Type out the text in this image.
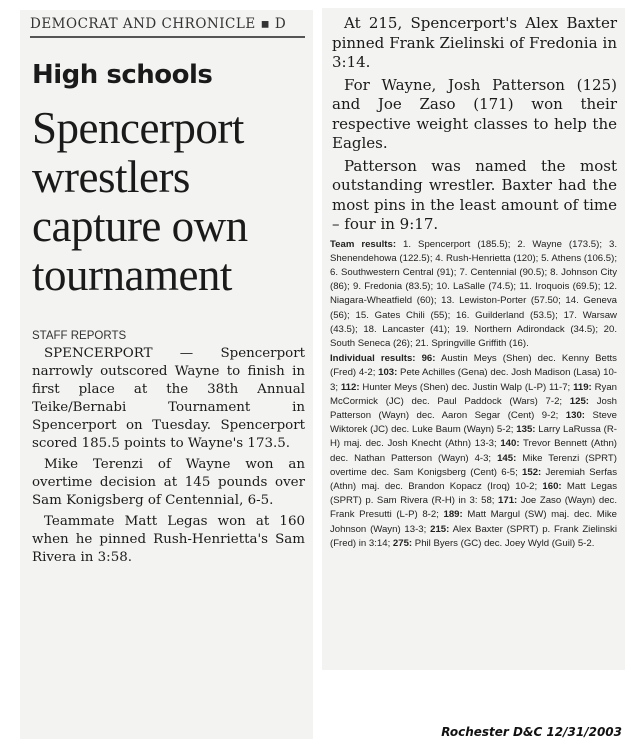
DEMOCRAT AND CHRONICLE ▪ D
High schools
Spencerport wrestlers capture own tournament
STAFF REPORTS

SPENCERPORT — Spencerport narrowly outscored Wayne to finish in first place at the 38th Annual Teike/Bernabi Tournament in Spencerport on Tuesday. Spencerport scored 185.5 points to Wayne's 173.5.

Mike Terenzi of Wayne won an overtime decision at 145 pounds over Sam Konigsberg of Centennial, 6-5.

Teammate Matt Legas won at 160 when he pinned Rush-Henrietta's Sam Rivera in 3:58.

At 215, Spencerport's Alex Baxter pinned Frank Zielinski of Fredonia in 3:14.

For Wayne, Josh Patterson (125) and Joe Zaso (171) won their respective weight classes to help the Eagles.

Patterson was named the most outstanding wrestler. Baxter had the most pins in the least amount of time – four in 9:17.

Team results: 1. Spencerport (185.5); 2. Wayne (173.5); 3. Shenendehowa (122.5); 4. Rush-Henrietta (120); 5. Athens (106.5); 6. Southwestern Central (91); 7. Centennial (90.5); 8. Johnson City (86); 9. Fredonia (83.5); 10. LaSalle (74.5); 11. Iroquois (69.5); 12. Niagara-Wheatfield (60); 13. Lewiston-Porter (57.50; 14. Geneva (56); 15. Gates Chili (55); 16. Guilderland (53.5); 17. Warsaw (43.5); 18. Lancaster (41); 19. Northern Adirondack (34.5); 20. South Seneca (26); 21. Springville Griffith (16).
Individual results: 96: Austin Meys (Shen) dec. Kenny Betts (Fred) 4-2; 103: Pete Achilles (Gena) dec. Josh Madison (Lasa) 10-3; 112: Hunter Meys (Shen) dec. Justin Walp (L-P) 11-7; 119: Ryan McCormick (JC) dec. Paul Paddock (Wars) 7-2; 125: Josh Patterson (Wayn) dec. Aaron Segar (Cent) 9-2; 130: Steve Wiktorek (JC) dec. Luke Baum (Wayn) 5-2; 135: Larry LaRussa (R-H) maj. dec. Josh Knecht (Athn) 13-3; 140: Trevor Bennett (Athn) dec. Nathan Patterson (Wayn) 4-3; 145: Mike Terenzi (SPRT) overtime dec. Sam Konigsberg (Cent) 6-5; 152: Jeremiah Serfas (Athn) maj. dec. Brandon Kopacz (Iroq) 10-2; 160: Matt Legas (SPRT) p. Sam Rivera (R-H) in 3: 58; 171: Joe Zaso (Wayn) dec. Frank Presutti (L-P) 8-2; 189: Matt Margul (SW) maj. dec. Mike Johnson (Wayn) 13-3; 215: Alex Baxter (SPRT) p. Frank Zielinski (Fred) in 3:14; 275: Phil Byers (GC) dec. Joey Wyld (Guil) 5-2.
Rochester D&C 12/31/2003
